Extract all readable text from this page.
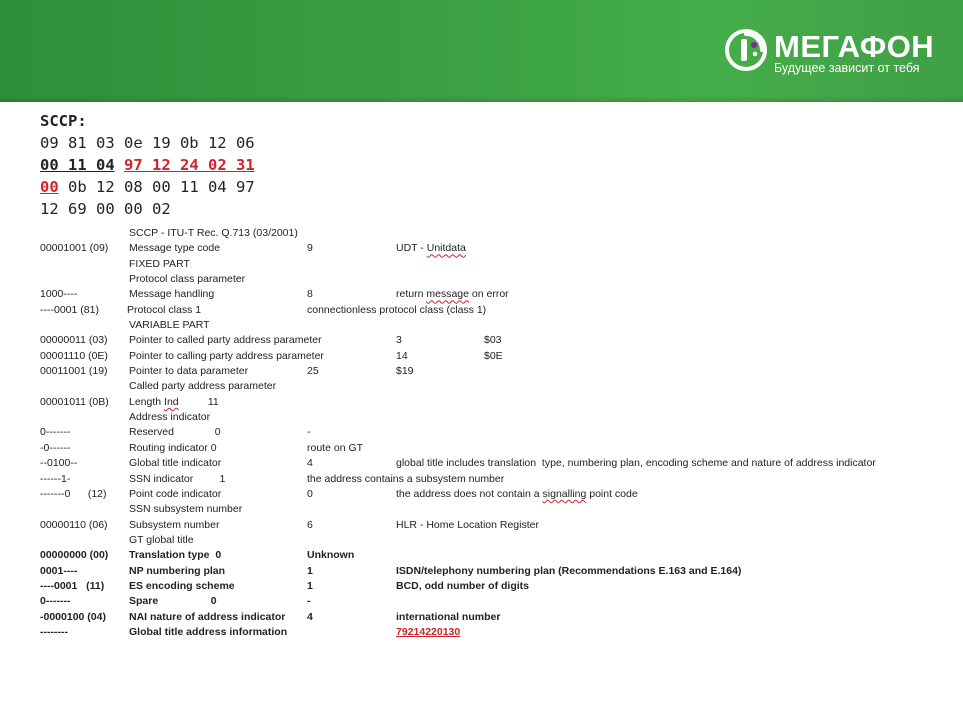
МЕГАФОН
Будущее зависит от тебя
SCCP:
09 81 03 0e 19 0b 12 06
00 11 04 97 12 24 02 31
00 0b 12 08 00 11 04 97
12 69 00 00 02
SCCP - ITU-T Rec. Q.713 (03/2001)
00001001 (09) Message type code	9	UDT - Unitdata
FIXED PART
Protocol class parameter
1000----	Message handling	8	return message on error
----0001 (81)	Protocol class 1	connectionless protocol class (class 1)
VARIABLE PART
00000011 (03) Pointer to called party address parameter	3	$03
00001110 (0E) Pointer to calling party address parameter	14	$0E
00011001 (19) Pointer to data parameter	25	$19
Called party address parameter
00001011 (0B) Length Ind          11
Address indicator
0-------	Reserved              0	-
-0------	Routing indicator 0	route on GT
--0100--	Global title indicator	4	global title includes translation  type, numbering plan, encoding scheme and nature of address indicator
------1-	SSN indicator         1	the address contains a subsystem number
-------0      (12) Point code indicator	0	the address does not contain a signalling point code
SSN subsystem number
00000110 (06) Subsystem number	6	HLR - Home Location Register
GT global title
00000000 (00) Translation type  0	Unknown
0001----	NP numbering plan	1	ISDN/telephony numbering plan (Recommendations E.163 and E.164)
----0001   (11) ES encoding scheme	1	BCD, odd number of digits
0-------	Spare                  0	-
-0000100 (04) NAI nature of address indicator 4	international number
--------	Global title address information	79214220130
